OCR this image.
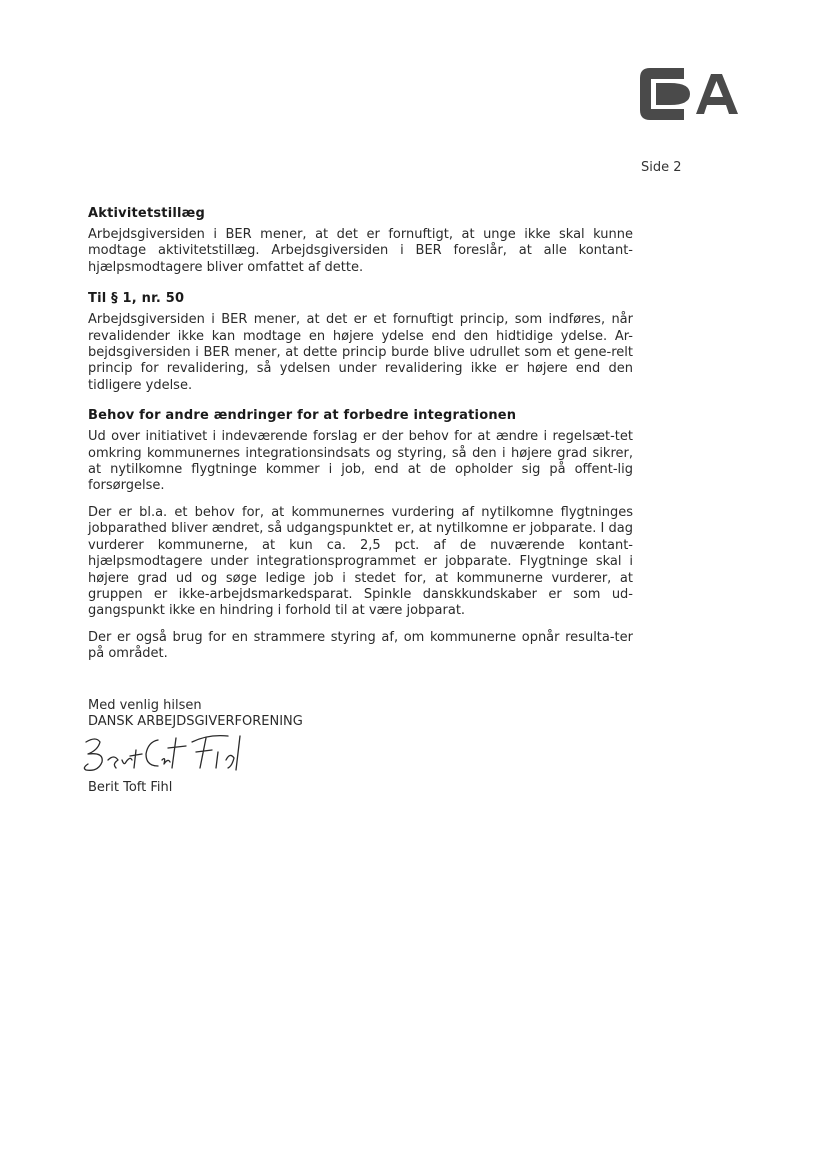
Side 2
Aktivitetstillæg

Arbejdsgiversiden i BER mener, at det er fornuftigt, at unge ikke skal kunne modtage aktivitetstillæg. Arbejdsgiversiden i BER foreslår, at alle kontant-hjælpsmodtagere bliver omfattet af dette.

Til § 1, nr. 50

Arbejdsgiversiden i BER mener, at det er et fornuftigt princip, som indføres, når revalidender ikke kan modtage en højere ydelse end den hidtidige ydelse. Ar-bejdsgiversiden i BER mener, at dette princip burde blive udrullet som et gene-relt princip for revalidering, så ydelsen under revalidering ikke er højere end den tidligere ydelse.

Behov for andre ændringer for at forbedre integrationen

Ud over initiativet i indeværende forslag er der behov for at ændre i regelsæt-tet omkring kommunernes integrationsindsats og styring, så den i højere grad sikrer, at nytilkomne flygtninge kommer i job, end at de opholder sig på offent-lig forsørgelse.

Der er bl.a. et behov for, at kommunernes vurdering af nytilkomne flygtninges jobparathed bliver ændret, så udgangspunktet er, at nytilkomne er jobparate. I dag vurderer kommunerne, at kun ca. 2,5 pct. af de nuværende kontant-hjælpsmodtagere under integrationsprogrammet er jobparate. Flygtninge skal i højere grad ud og søge ledige job i stedet for, at kommunerne vurderer, at gruppen er ikke-arbejdsmarkedsparat. Spinkle danskkundskaber er som ud-gangspunkt ikke en hindring i forhold til at være jobparat.

Der er også brug for en strammere styring af, om kommunerne opnår resulta-ter på området.

Med venlig hilsen
DANSK ARBEJDSGIVERFORENING
Berit Toft Fihl
